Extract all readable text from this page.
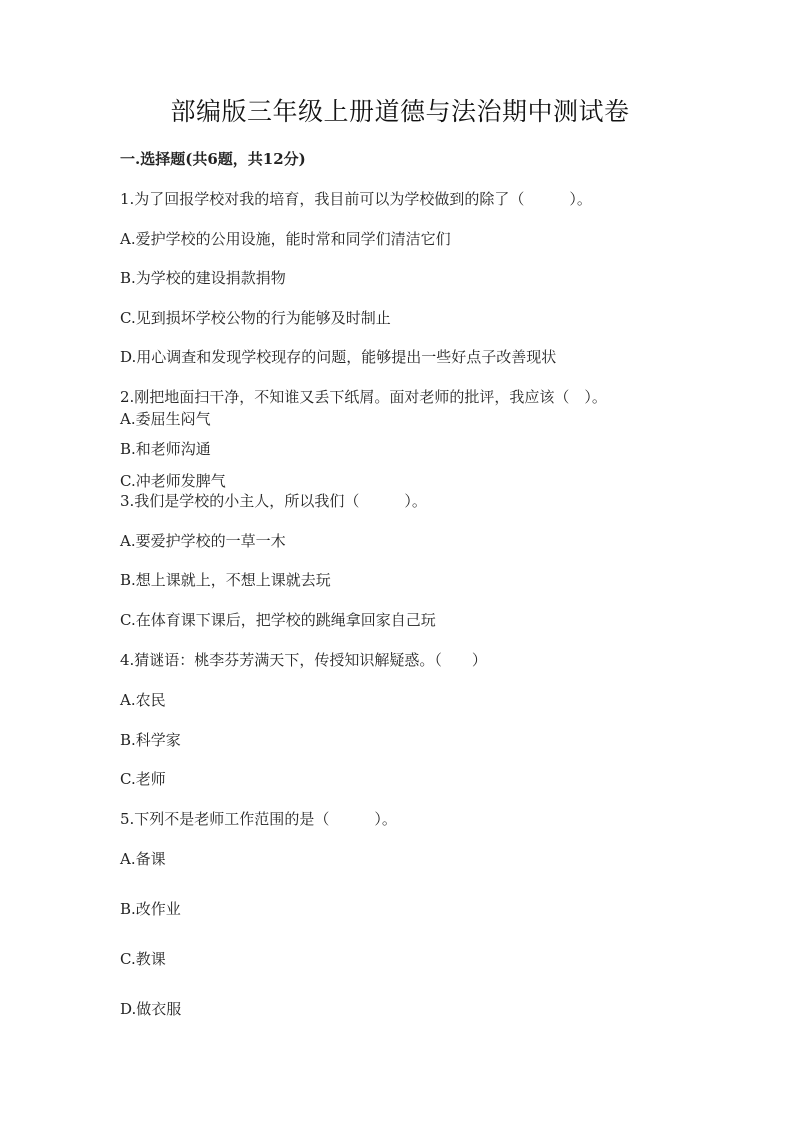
部编版三年级上册道德与法治期中测试卷
一.选择题(共6题，共12分)
1.为了回报学校对我的培育，我目前可以为学校做到的除了（　　　）。
A.爱护学校的公用设施，能时常和同学们清洁它们
B.为学校的建设捐款捐物
C.见到损坏学校公物的行为能够及时制止
D.用心调查和发现学校现存的问题，能够提出一些好点子改善现状
2.刚把地面扫干净，不知谁又丢下纸屑。面对老师的批评，我应该（　）。
A.委屈生闷气
B.和老师沟通
C.冲老师发脾气
3.我们是学校的小主人，所以我们（　　　）。
A.要爱护学校的一草一木
B.想上课就上，不想上课就去玩
C.在体育课下课后，把学校的跳绳拿回家自己玩
4.猜谜语：桃李芬芳满天下，传授知识解疑惑。（　　）
A.农民
B.科学家
C.老师
5.下列不是老师工作范围的是（　　　）。
A.备课
B.改作业
C.教课
D.做衣服
